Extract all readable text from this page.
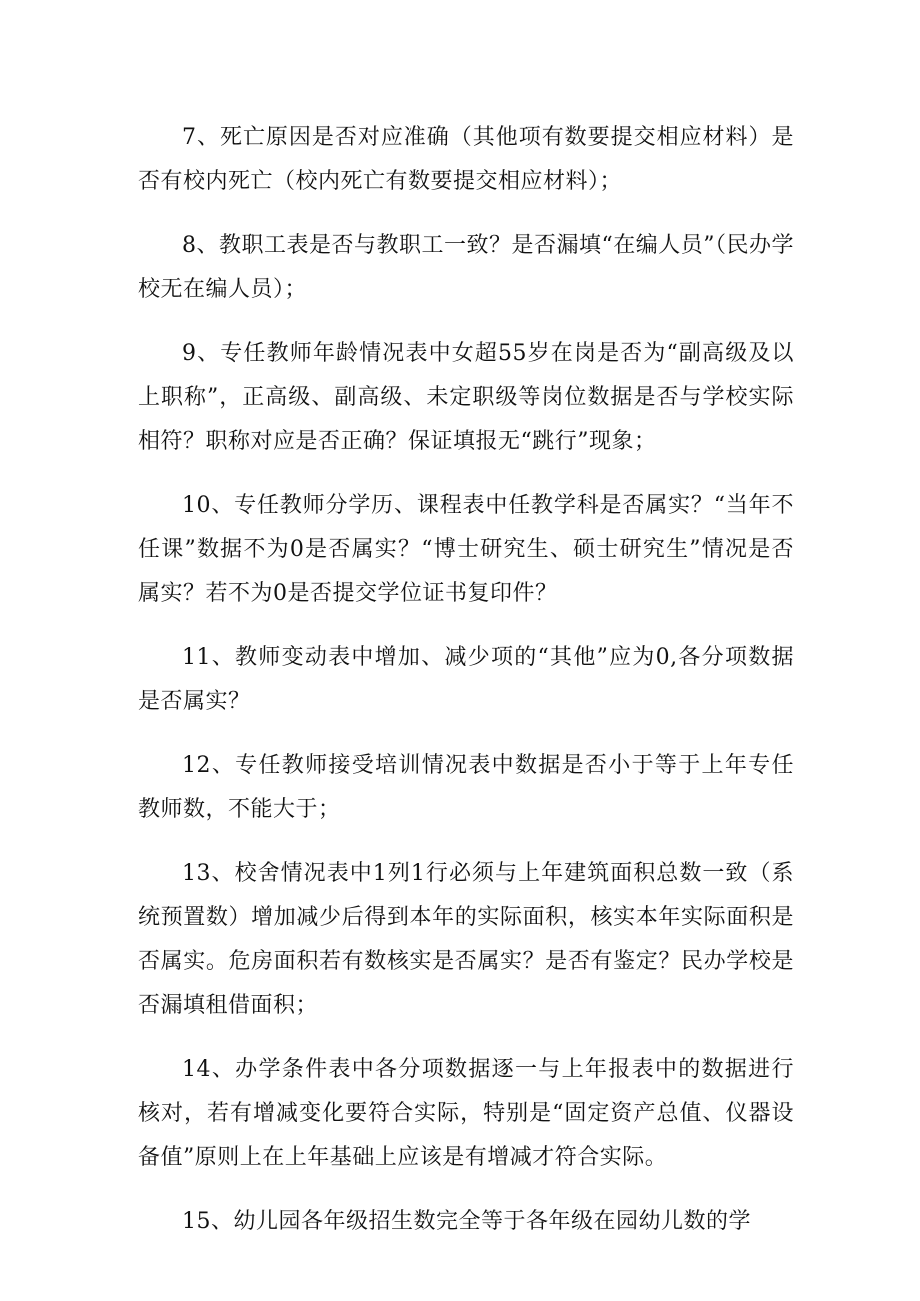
7、死亡原因是否对应准确（其他项有数要提交相应材料）是否有校内死亡（校内死亡有数要提交相应材料）；

8、教职工表是否与教职工一致？是否漏填“在编人员”（民办学校无在编人员）；

9、专任教师年龄情况表中女超55岁在岗是否为“副高级及以上职称”，正高级、副高级、未定职级等岗位数据是否与学校实际相符？职称对应是否正确？保证填报无“跳行”现象；

10、专任教师分学历、课程表中任教学科是否属实？“当年不任课”数据不为0是否属实？“博士研究生、硕士研究生”情况是否属实？若不为0是否提交学位证书复印件？

11、教师变动表中增加、减少项的“其他”应为0,各分项数据是否属实？

12、专任教师接受培训情况表中数据是否小于等于上年专任教师数，不能大于；

13、校舍情况表中1列1行必须与上年建筑面积总数一致（系统预置数）增加减少后得到本年的实际面积，核实本年实际面积是否属实。危房面积若有数核实是否属实？是否有鉴定？民办学校是否漏填租借面积；

14、办学条件表中各分项数据逐一与上年报表中的数据进行核对，若有增减变化要符合实际，特别是“固定资产总值、仪器设备值”原则上在上年基础上应该是有增减才符合实际。

15、幼儿园各年级招生数完全等于各年级在园幼儿数的学
